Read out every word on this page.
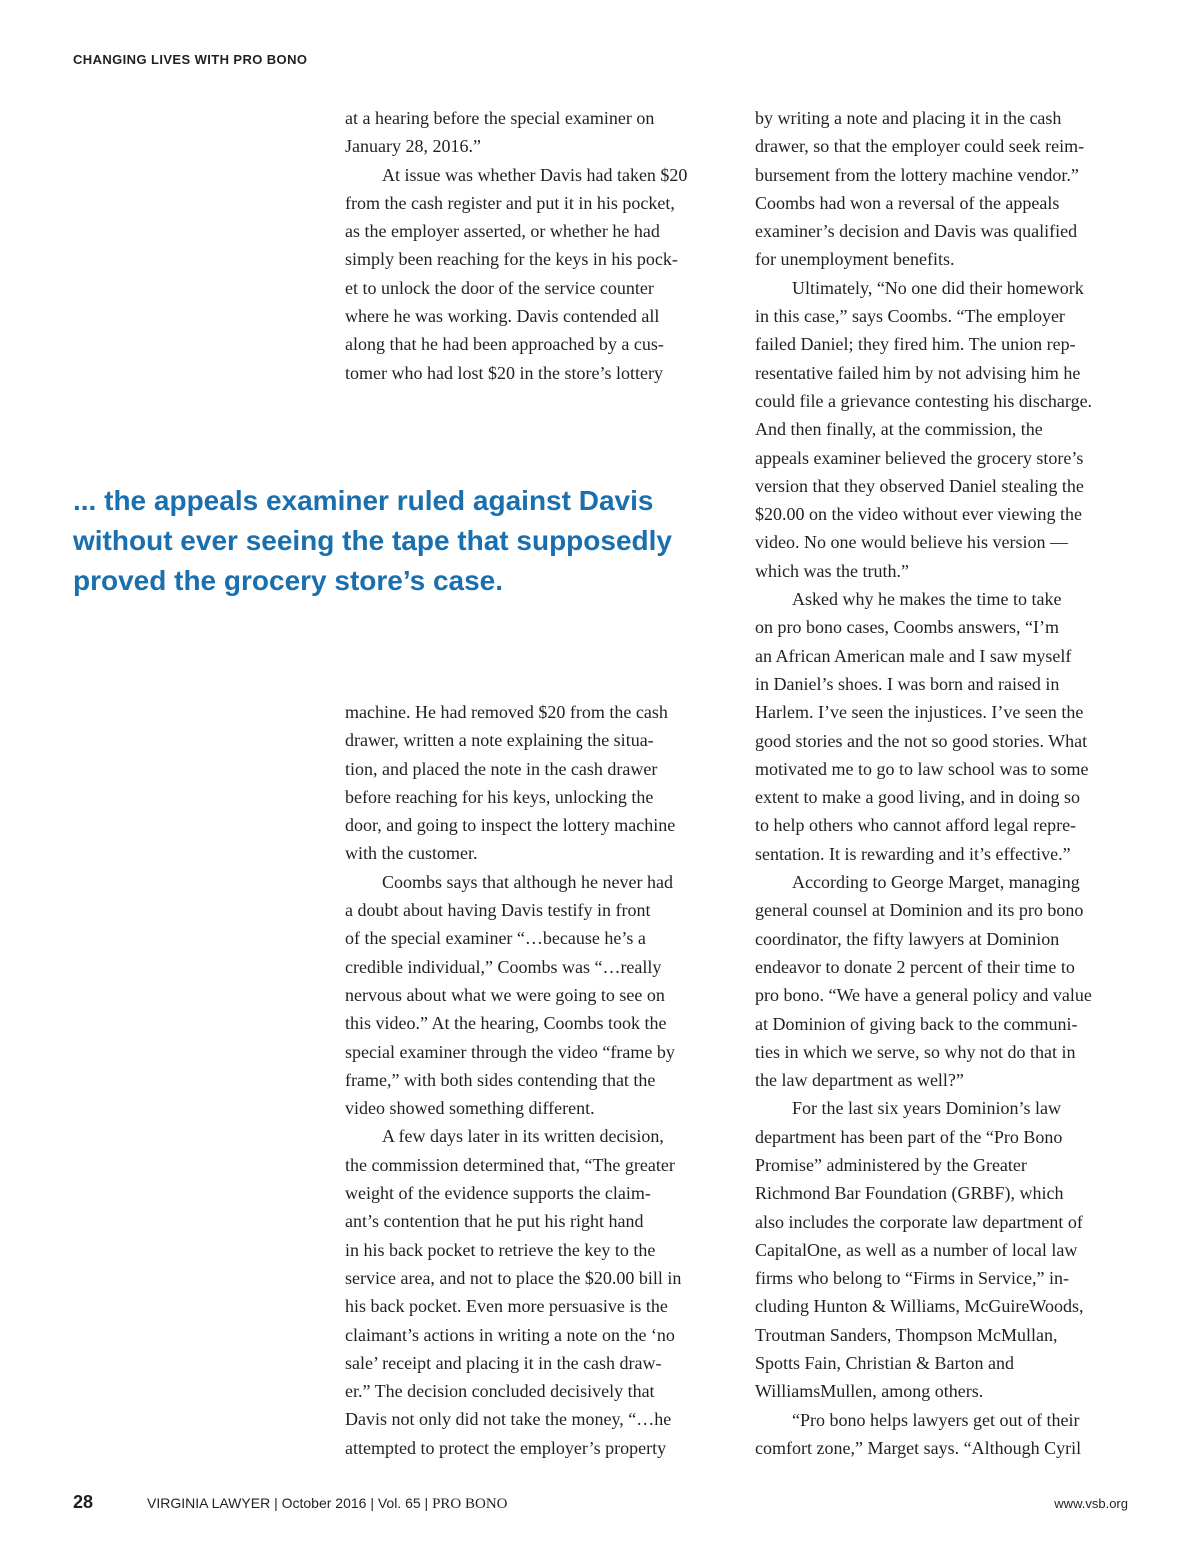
CHANGING LIVES WITH PRO BONO

at a hearing before the special examiner on

January 28, 2016.”

At issue was whether Davis had taken $20

from the cash register and put it in his pocket,

as the employer asserted, or whether he had

simply been reaching for the keys in his pock-

et to unlock the door of the service counter

where he was working. Davis contended all

along that he had been approached by a cus-

tomer who had lost $20 in the store’s lottery

... the appeals examiner ruled against Davis
without ever seeing the tape that supposedly
proved the grocery store’s case.

machine. He had removed $20 from the cash

drawer, written a note explaining the situa-

tion, and placed the note in the cash drawer

before reaching for his keys, unlocking the

door, and going to inspect the lottery machine

with the customer.

Coombs says that although he never had

a doubt about having Davis testify in front

of the special examiner “…because he’s a

credible individual,” Coombs was “…really

nervous about what we were going to see on

this video.” At the hearing, Coombs took the

special examiner through the video “frame by

frame,” with both sides contending that the

video showed something different.

A few days later in its written decision,

the commission determined that, “The greater

weight of the evidence supports the claim-

ant’s contention that he put his right hand

in his back pocket to retrieve the key to the

service area, and not to place the $20.00 bill in

his back pocket. Even more persuasive is the

claimant’s actions in writing a note on the ‘no

sale’ receipt and placing it in the cash draw-

er.” The decision concluded decisively that

Davis not only did not take the money, “…he

attempted to protect the employer’s property

by writing a note and placing it in the cash

drawer, so that the employer could seek reim-

bursement from the lottery machine vendor.”

Coombs had won a reversal of the appeals

examiner’s decision and Davis was qualified

for unemployment benefits.

Ultimately, “No one did their homework

in this case,” says Coombs. “The employer

failed Daniel; they fired him. The union rep-

resentative failed him by not advising him he

could file a grievance contesting his discharge.

And then finally, at the commission, the

appeals examiner believed the grocery store’s

version that they observed Daniel stealing the

$20.00 on the video without ever viewing the

video. No one would believe his version —

which was the truth.”

Asked why he makes the time to take

on pro bono cases, Coombs answers, “I’m

an African American male and I saw myself

in Daniel’s shoes. I was born and raised in

Harlem. I’ve seen the injustices. I’ve seen the

good stories and the not so good stories. What

motivated me to go to law school was to some

extent to make a good living, and in doing so

to help others who cannot afford legal repre-

sentation. It is rewarding and it’s effective.”

According to George Marget, managing

general counsel at Dominion and its pro bono

coordinator, the fifty lawyers at Dominion

endeavor to donate 2 percent of their time to

pro bono. “We have a general policy and value

at Dominion of giving back to the communi-

ties in which we serve, so why not do that in

the law department as well?”

For the last six years Dominion’s law

department has been part of the “Pro Bono

Promise” administered by the Greater

Richmond Bar Foundation (GRBF), which

also includes the corporate law department of

CapitalOne, as well as a number of local law

firms who belong to “Firms in Service,” in-

cluding Hunton & Williams, McGuireWoods,

Troutman Sanders, Thompson McMullan,

Spotts Fain, Christian & Barton and

WilliamsMullen, among others.

“Pro bono helps lawyers get out of their

comfort zone,” Marget says. “Although Cyril

28	VIRGINIA LAWYER | October 2016 | Vol. 65 | PRO BONO	www.vsb.org
